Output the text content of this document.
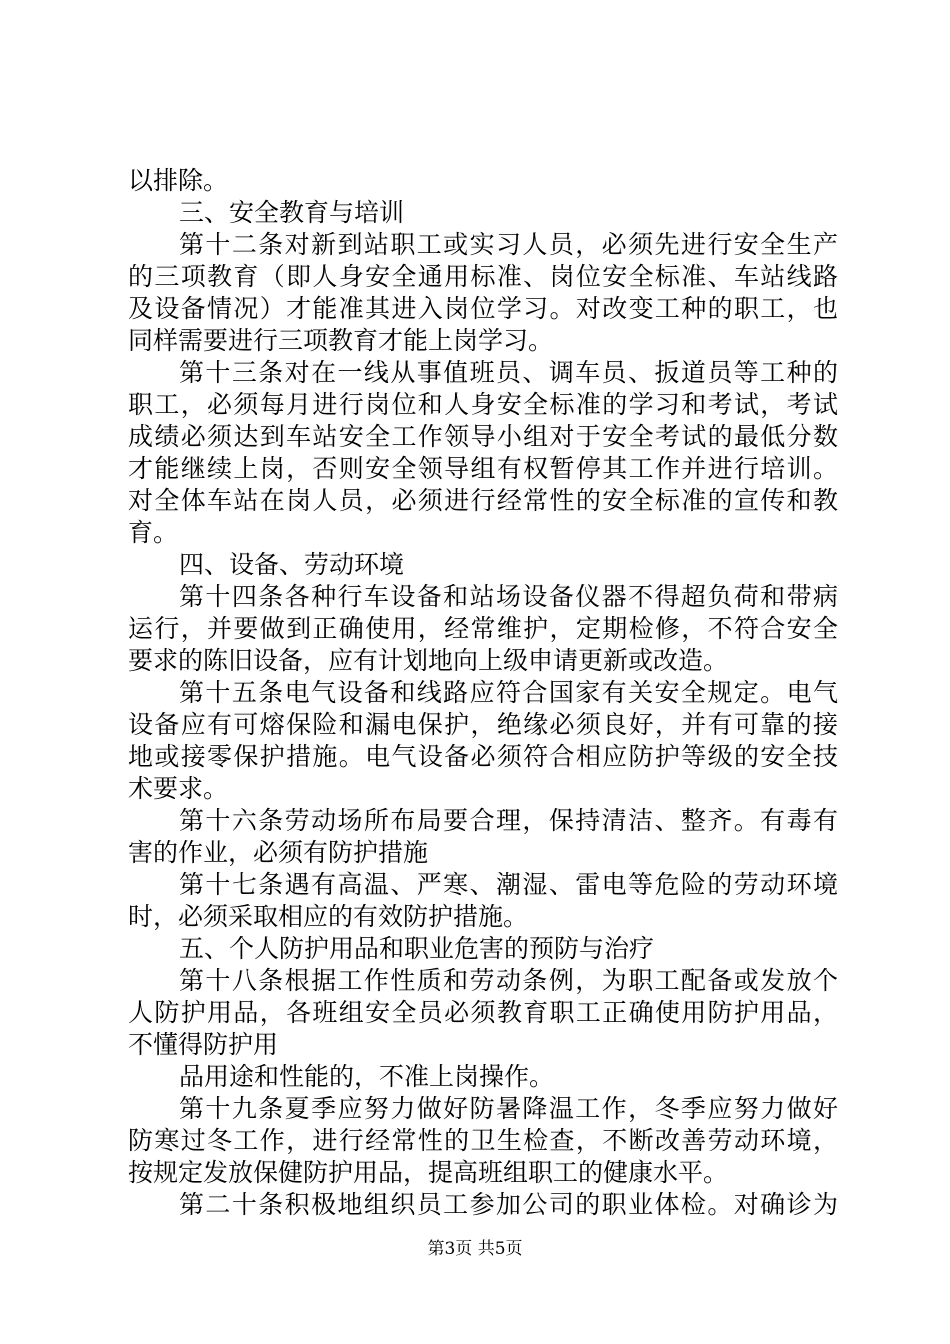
以排除。
三、安全教育与培训
第十二条对新到站职工或实习人员，必须先进行安全生产
的三项教育（即人身安全通用标准、岗位安全标准、车站线路
及设备情况）才能准其进入岗位学习。对改变工种的职工，也
同样需要进行三项教育才能上岗学习。
第十三条对在一线从事值班员、调车员、扳道员等工种的
职工，必须每月进行岗位和人身安全标准的学习和考试，考试
成绩必须达到车站安全工作领导小组对于安全考试的最低分数
才能继续上岗，否则安全领导组有权暂停其工作并进行培训。
对全体车站在岗人员，必须进行经常性的安全标准的宣传和教
育。
四、设备、劳动环境
第十四条各种行车设备和站场设备仪器不得超负荷和带病
运行，并要做到正确使用，经常维护，定期检修，不符合安全
要求的陈旧设备，应有计划地向上级申请更新或改造。
第十五条电气设备和线路应符合国家有关安全规定。电气
设备应有可熔保险和漏电保护，绝缘必须良好，并有可靠的接
地或接零保护措施。电气设备必须符合相应防护等级的安全技
术要求。
第十六条劳动场所布局要合理，保持清洁、整齐。有毒有
害的作业，必须有防护措施
第十七条遇有高温、严寒、潮湿、雷电等危险的劳动环境
时，必须采取相应的有效防护措施。
五、个人防护用品和职业危害的预防与治疗
第十八条根据工作性质和劳动条例，为职工配备或发放个
人防护用品，各班组安全员必须教育职工正确使用防护用品，
不懂得防护用
品用途和性能的，不准上岗操作。
第十九条夏季应努力做好防暑降温工作，冬季应努力做好
防寒过冬工作，进行经常性的卫生检查，不断改善劳动环境，
按规定发放保健防护用品，提高班组职工的健康水平。
第二十条积极地组织员工参加公司的职业体检。对确诊为
第3页 共5页
